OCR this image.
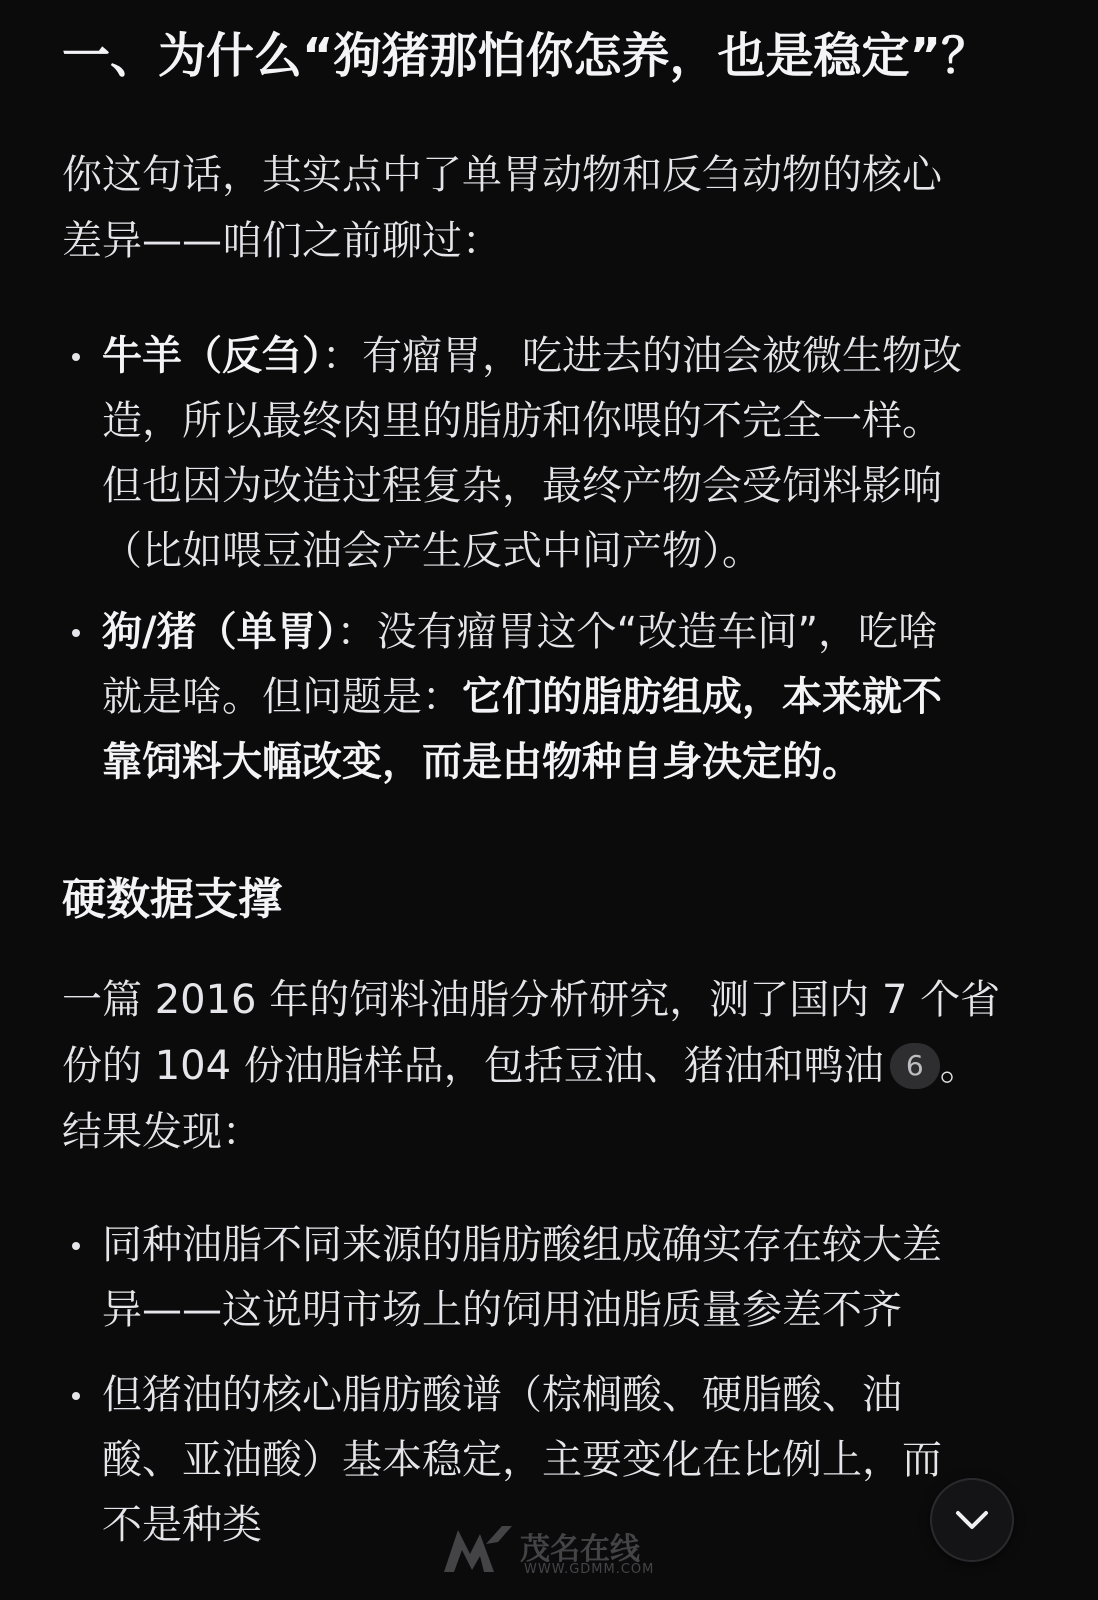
一、为什么“狗猪那怕你怎养，也是稳定”？
你这句话，其实点中了单胃动物和反刍动物的核心
差异——咱们之前聊过：
牛羊（反刍）：有瘤胃，吃进去的油会被微生物改
造，所以最终肉里的脂肪和你喂的不完全一样。
但也因为改造过程复杂，最终产物会受饲料影响
（比如喂豆油会产生反式中间产物）。
狗/猪（单胃）：没有瘤胃这个“改造车间”，吃啥
就是啥。但问题是：它们的脂肪组成，本来就不
靠饲料大幅改变，而是由物种自身决定的。
硬数据支撑
一篇 2016 年的饲料油脂分析研究，测了国内 7 个省
份的 104 份油脂样品，包括豆油、猪油和鸭油 6 。
结果发现：
同种油脂不同来源的脂肪酸组成确实存在较大差
异——这说明市场上的饲用油脂质量参差不齐
但猪油的核心脂肪酸谱（棕榈酸、硬脂酸、油
酸、亚油酸）基本稳定，主要变化在比例上，而
不是种类
茂名在线
WWW.GDMM.COM
